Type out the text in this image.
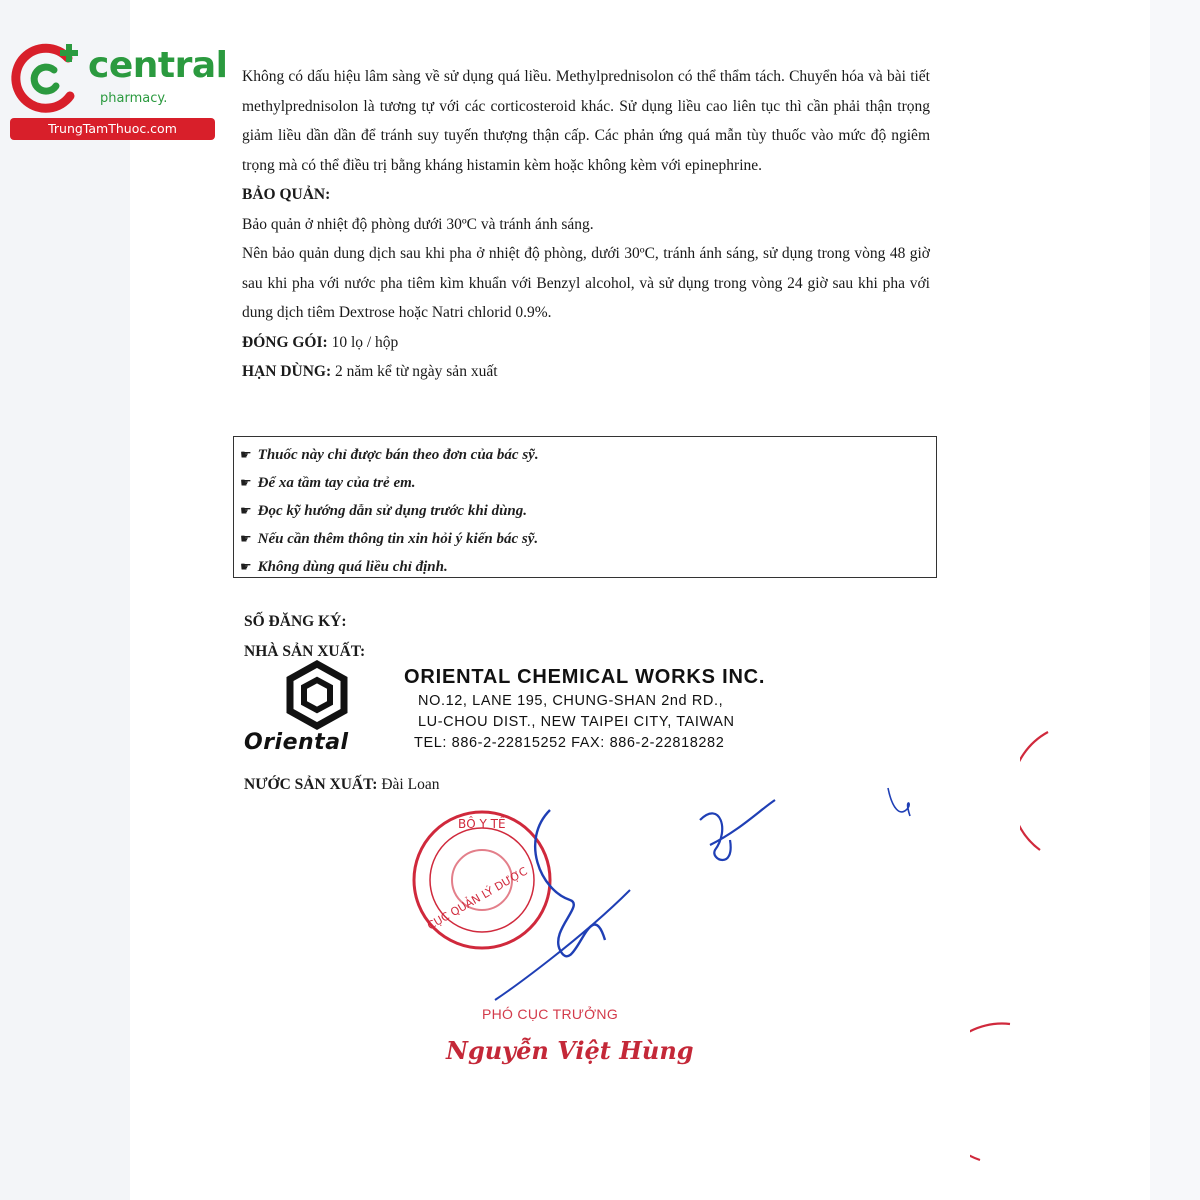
central
pharmacy.
TrungTamThuoc.com

Không có dấu hiệu lâm sàng về sử dụng quá liều. Methylprednisolon có thể thẩm tách. Chuyển hóa và bài tiết methylprednisolon là tương tự với các corticosteroid khác. Sử dụng liều cao liên tục thì cần phải thận trọng giảm liều dần dần để tránh suy tuyến thượng thận cấp. Các phản ứng quá mẫn tùy thuốc vào mức độ ngiêm trọng mà có thể điều trị bằng kháng histamin kèm hoặc không kèm với epinephrine.

BẢO QUẢN:

Bảo quản ở nhiệt độ phòng dưới 30ºC và tránh ánh sáng.

Nên bảo quản dung dịch sau khi pha ở nhiệt độ phòng, dưới 30ºC, tránh ánh sáng, sử dụng trong vòng 48 giờ sau khi pha với nước pha tiêm kìm khuẩn với Benzyl alcohol, và sử dụng trong vòng 24 giờ sau khi pha với dung dịch tiêm Dextrose hoặc Natri chlorid 0.9%.

ĐÓNG GÓI: 10 lọ / hộp

HẠN DÙNG: 2 năm kể từ ngày sản xuất

☛ Thuốc này chỉ được bán theo đơn của bác sỹ.
☛ Để xa tầm tay của trẻ em.
☛ Đọc kỹ hướng dẫn sử dụng trước khi dùng.
☛ Nếu cần thêm thông tin xin hỏi ý kiến bác sỹ.
☛ Không dùng quá liều chỉ định.
SỐ ĐĂNG KÝ:
NHÀ SẢN XUẤT:
Oriental
ORIENTAL CHEMICAL WORKS INC.
NO.12, LANE 195, CHUNG-SHAN 2nd RD.,
LU-CHOU DIST., NEW TAIPEI CITY, TAIWAN
TEL: 886-2-22815252 FAX: 886-2-22818282
NƯỚC SẢN XUẤT: Đài Loan
BỘ Y TẾ
CỤC QUẢN LÝ DƯỢC
PHÓ CỤC TRƯỞNG
Nguyễn Việt Hùng
